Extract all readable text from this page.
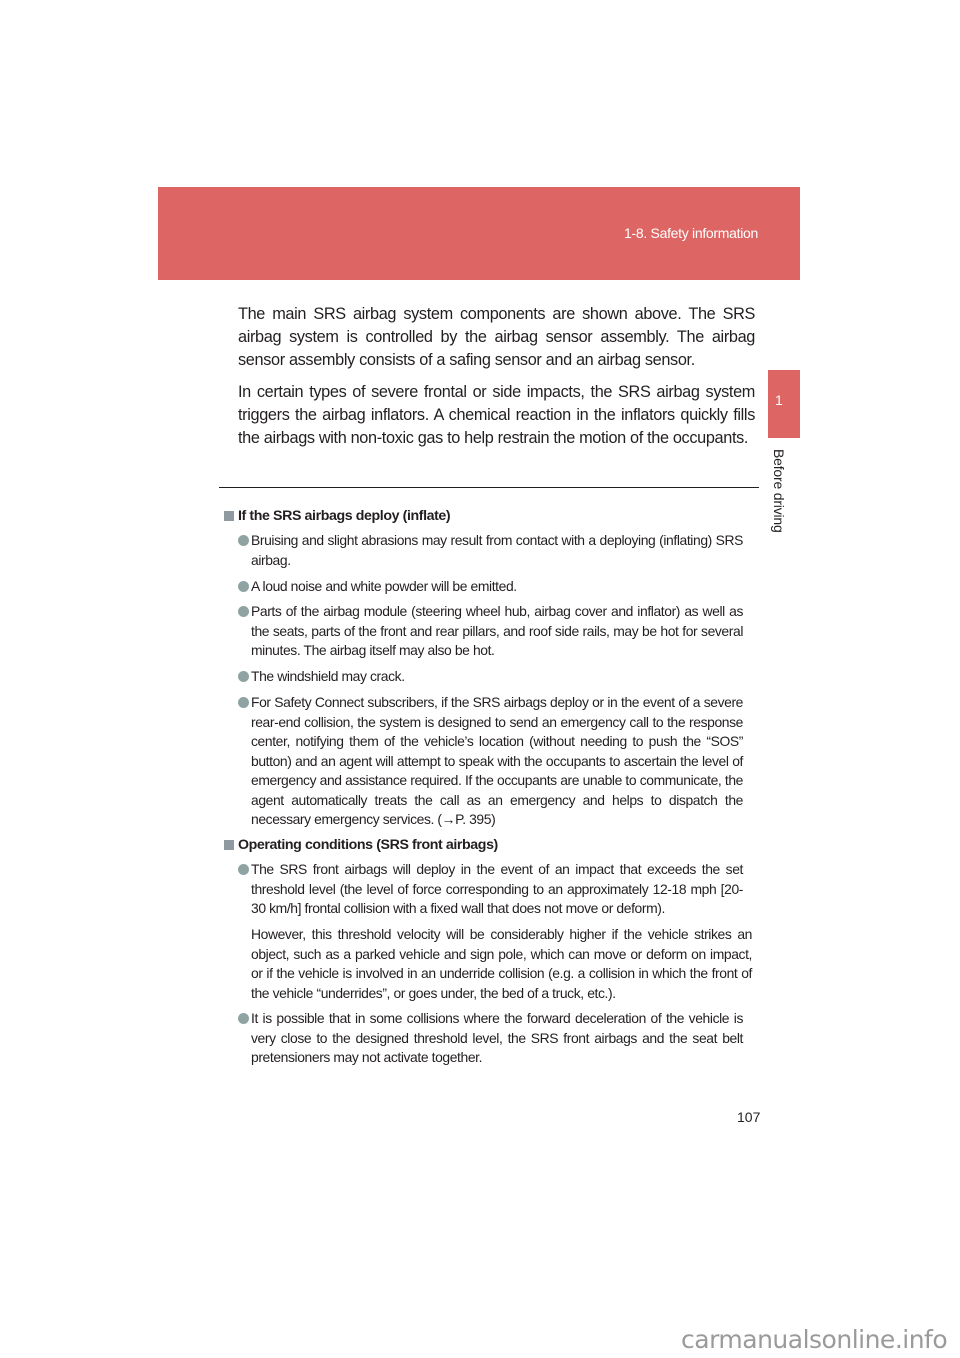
1-8. Safety information
1
Before driving

The main SRS airbag system components are shown above. The SRS airbag system is controlled by the airbag sensor assembly. The airbag sensor assembly consists of a safing sensor and an airbag sensor.

In certain types of severe frontal or side impacts, the SRS airbag system triggers the airbag inflators. A chemical reaction in the inflators quickly fills the airbags with non-toxic gas to help restrain the motion of the occupants.

If the SRS airbags deploy (inflate)
Bruising and slight abrasions may result from contact with a deploying (inflating) SRS airbag.
A loud noise and white powder will be emitted.
Parts of the airbag module (steering wheel hub, airbag cover and inflator) as well as the seats, parts of the front and rear pillars, and roof side rails, may be hot for several minutes. The airbag itself may also be hot.
The windshield may crack.
For Safety Connect subscribers, if the SRS airbags deploy or in the event of a severe rear-end collision, the system is designed to send an emergency call to the response center, notifying them of the vehicle’s location (without needing to push the “SOS” button) and an agent will attempt to speak with the occupants to ascertain the level of emergency and assistance required. If the occupants are unable to communicate, the agent automatically treats the call as an emergency and helps to dispatch the necessary emergency services. (→P. 395)
Operating conditions (SRS front airbags)
The SRS front airbags will deploy in the event of an impact that exceeds the set threshold level (the level of force corresponding to an approximately 12-18 mph [20-30 km/h] frontal collision with a fixed wall that does not move or deform).

However, this threshold velocity will be considerably higher if the vehicle strikes an object, such as a parked vehicle and sign pole, which can move or deform on impact, or if the vehicle is involved in an underride collision (e.g. a collision in which the front of the vehicle “underrides”, or goes under, the bed of a truck, etc.).

It is possible that in some collisions where the forward deceleration of the vehicle is very close to the designed threshold level, the SRS front airbags and the seat belt pretensioners may not activate together.
107
carmanualsonline.info
